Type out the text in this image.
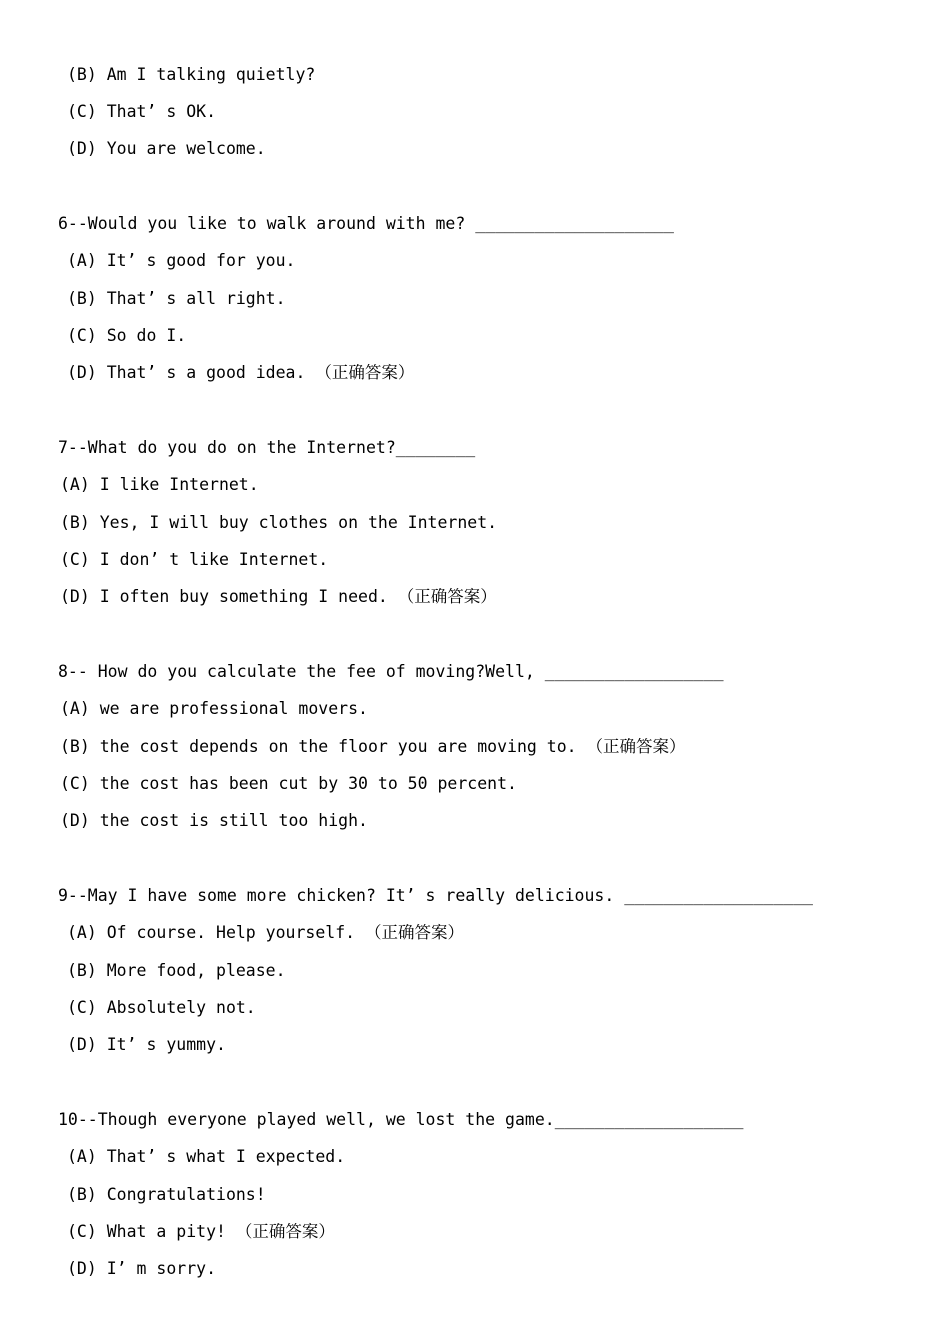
(B) Am I talking quietly?
(C) That’ s OK.
(D) You are welcome.
6--Would you like to walk around with me? ____________________
(A) It’ s good for you.
(B) That’ s all right.
(C) So do I.
(D) That’ s a good idea. （正确答案）
7--What do you do on the Internet?________
(A) I like Internet.
(B) Yes, I will buy clothes on the Internet.
(C) I don’ t like Internet.
(D) I often buy something I need. （正确答案）
8-- How do you calculate the fee of moving?Well, __________________
(A) we are professional movers.
(B) the cost depends on the floor you are moving to. （正确答案）
(C) the cost has been cut by 30 to 50 percent.
(D) the cost is still too high.
9--May I have some more chicken? It’ s really delicious. ___________________
(A) Of course. Help yourself. （正确答案）
(B) More food, please.
(C) Absolutely not.
(D) It’ s yummy.
10--Though everyone played well, we lost the game.___________________
(A) That’ s what I expected.
(B) Congratulations!
(C) What a pity! （正确答案）
(D) I’ m sorry.
